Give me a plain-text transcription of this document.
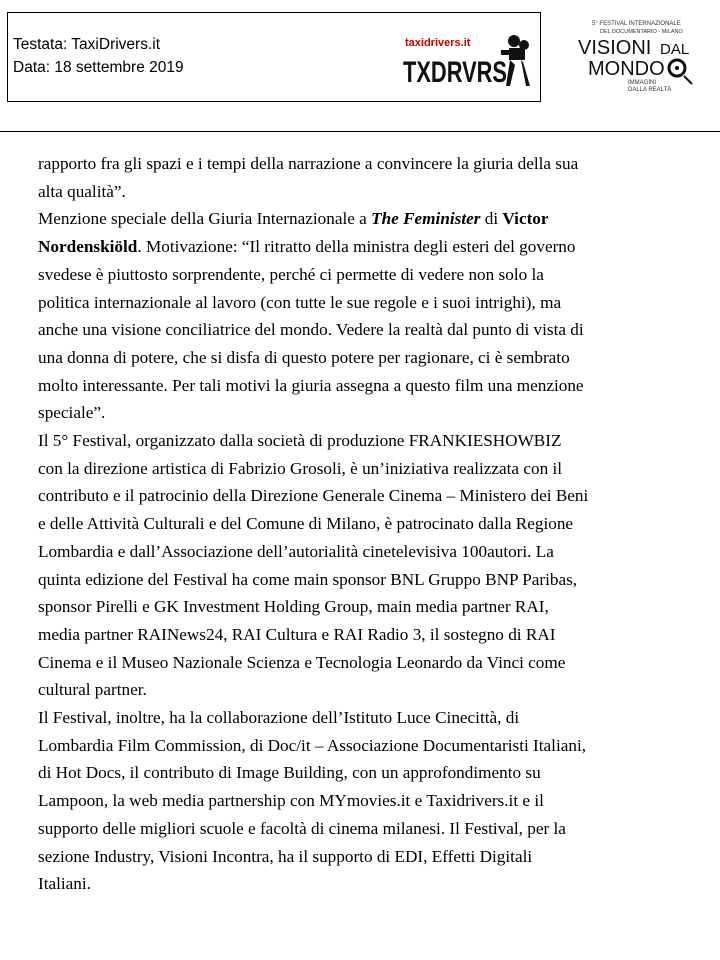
Testata: TaxiDrivers.it
Data: 18 settembre 2019
taxidrivers.it
TXDRVRS
5° FESTIVAL INTERNAZIONALE
DEL DOCUMENTARIO - MILANO
VISIONI DAL
MONDO
IMMAGINI
DALLA REALTÀ
rapporto fra gli spazi e i tempi della narrazione a convincere la giuria della sua
alta qualità”.
Menzione speciale della Giuria Internazionale a The Feminister di Victor
Nordenskiöld. Motivazione: “Il ritratto della ministra degli esteri del governo
svedese è piuttosto sorprendente, perché ci permette di vedere non solo la
politica internazionale al lavoro (con tutte le sue regole e i suoi intrighi), ma
anche una visione conciliatrice del mondo. Vedere la realtà dal punto di vista di
una donna di potere, che si disfa di questo potere per ragionare, ci è sembrato
molto interessante. Per tali motivi la giuria assegna a questo film una menzione
speciale”.
Il 5° Festival, organizzato dalla società di produzione FRANKIESHOWBIZ
con la direzione artistica di Fabrizio Grosoli, è un’iniziativa realizzata con il
contributo e il patrocinio della Direzione Generale Cinema – Ministero dei Beni
e delle Attività Culturali e del Comune di Milano, è patrocinato dalla Regione
Lombardia e dall’Associazione dell’autorialità cinetelevisiva 100autori. La
quinta edizione del Festival ha come main sponsor BNL Gruppo BNP Paribas,
sponsor Pirelli e GK Investment Holding Group, main media partner RAI,
media partner RAINews24, RAI Cultura e RAI Radio 3, il sostegno di RAI
Cinema e il Museo Nazionale Scienza e Tecnologia Leonardo da Vinci come
cultural partner.
Il Festival, inoltre, ha la collaborazione dell’Istituto Luce Cinecittà, di
Lombardia Film Commission, di Doc/it – Associazione Documentaristi Italiani,
di Hot Docs, il contributo di Image Building, con un approfondimento su
Lampoon, la web media partnership con MYmovies.it e Taxidrivers.it e il
supporto delle migliori scuole e facoltà di cinema milanesi. Il Festival, per la
sezione Industry, Visioni Incontra, ha il supporto di EDI, Effetti Digitali
Italiani.
